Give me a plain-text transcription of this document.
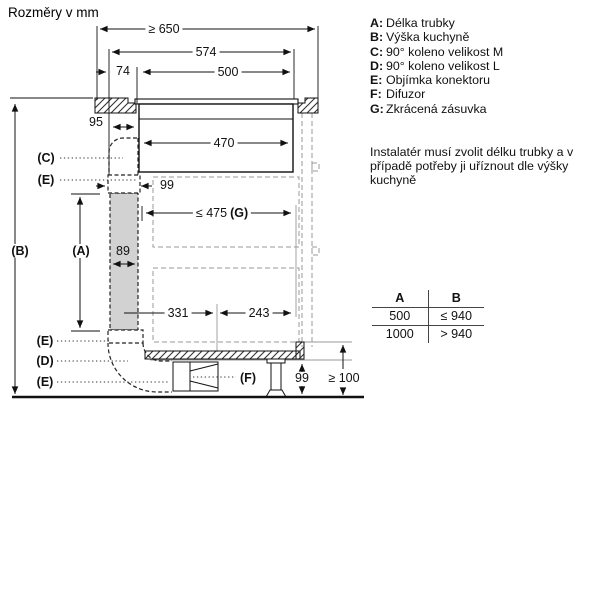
Rozměry v mm
≥ 650
574
74	500
95
470
99
≤ 475 (G)
89
331	243
99 ≥ 100
(C)
(E)
(B)	(A)
(E)
(D)
(E)	(F)
A: Délka trubky
B: Výška kuchyně
C: 90° koleno velikost M
D: 90° koleno velikost L
E: Objímka konektoru
F: Difuzor
G: Zkrácená zásuvka
Instalatér musí zvolit délku trubky a v případě potřeby ji uříznout dle výšky kuchyně
A	B
500	≤ 940
1000	> 940
